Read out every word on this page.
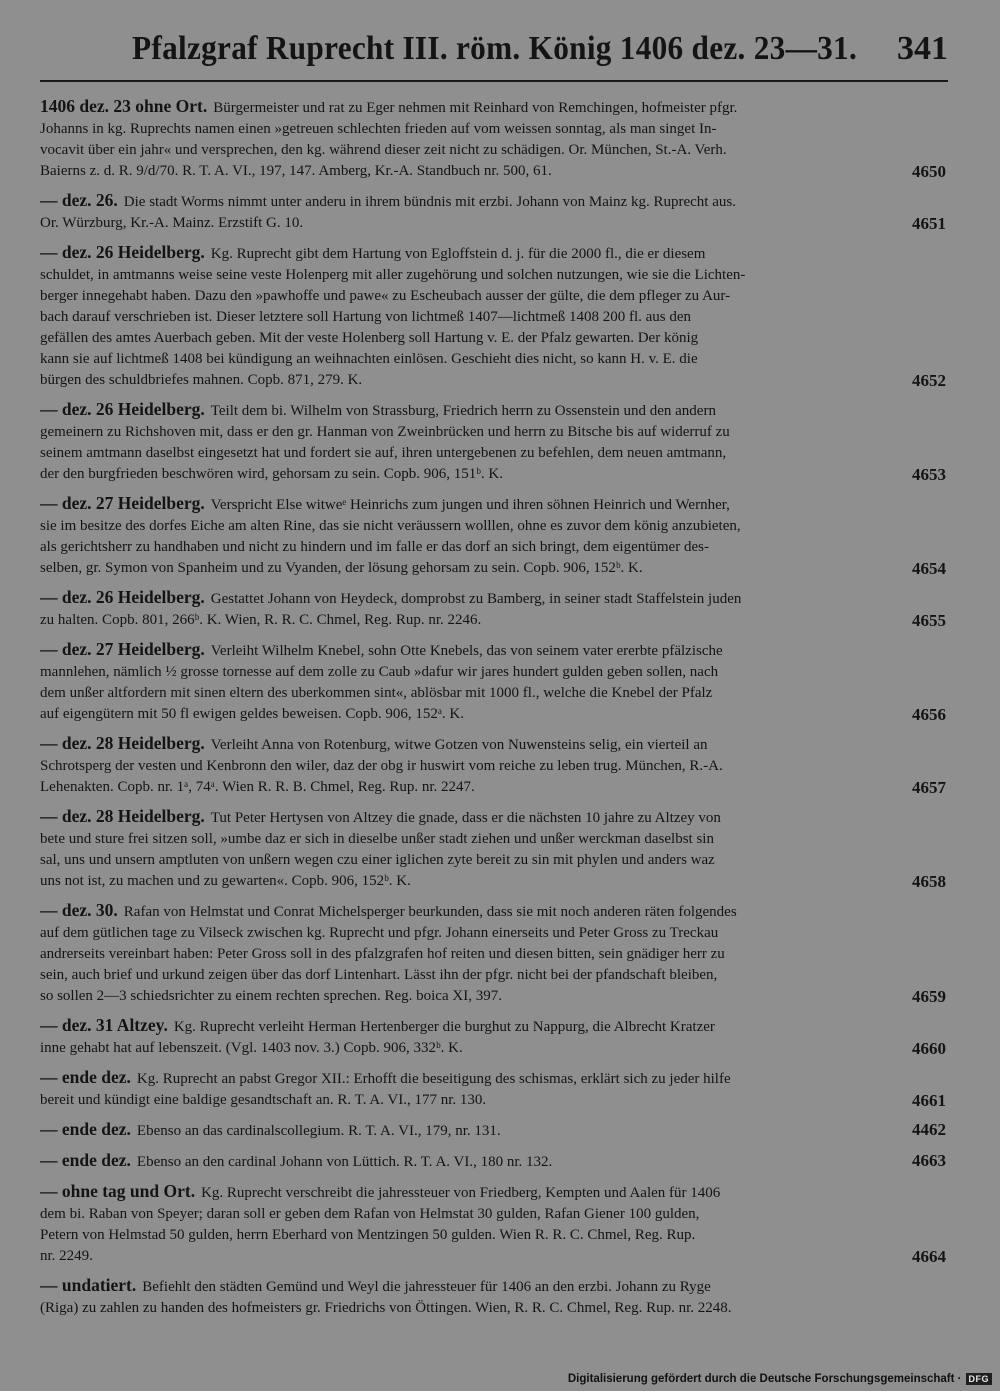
Pfalzgraf Ruprecht III. röm. König 1406 dez. 23—31. 341

1406 dez. 23 ohne Ort. Bürgermeister und rat zu Eger nehmen mit Reinhard von Remchingen, hofmeister pfgr.

Johanns in kg. Ruprechts namen einen »getreuen schlechten frieden auf vom weissen sonntag, als man singet In-

vocavit über ein jahr« und versprechen, den kg. während dieser zeit nicht zu schädigen. Or. München, St.-A. Verh.

Baierns z. d. R. 9/d/70. R. T. A. VI., 197, 147. Amberg, Kr.-A. Standbuch nr. 500, 61.	4650

— dez. 26. Die stadt Worms nimmt unter anderu in ihrem bündnis mit erzbi. Johann von Mainz kg. Ruprecht aus.

Or. Würzburg, Kr.-A. Mainz. Erzstift G. 10.	4651

— dez. 26 Heidelberg. Kg. Ruprecht gibt dem Hartung von Egloffstein d. j. für die 2000 fl., die er diesem

schuldet, in amtmanns weise seine veste Holenperg mit aller zugehörung und solchen nutzungen, wie sie die Lichten-

berger innegehabt haben. Dazu den »pawhoffe und pawe« zu Escheubach ausser der gülte, die dem pfleger zu Aur-

bach darauf verschrieben ist. Dieser letztere soll Hartung von lichtmeß 1407—lichtmeß 1408 200 fl. aus den

gefällen des amtes Auerbach geben. Mit der veste Holenberg soll Hartung v. E. der Pfalz gewarten. Der könig

kann sie auf lichtmeß 1408 bei kündigung an weihnachten einlösen. Geschieht dies nicht, so kann H. v. E. die

bürgen des schuldbriefes mahnen. Copb. 871, 279. K.	4652

— dez. 26 Heidelberg. Teilt dem bi. Wilhelm von Strassburg, Friedrich herrn zu Ossenstein und den andern

gemeinern zu Richshoven mit, dass er den gr. Hanman von Zweinbrücken und herrn zu Bitsche bis auf widerruf zu

seinem amtmann daselbst eingesetzt hat und fordert sie auf, ihren untergebenen zu befehlen, dem neuen amtmann,

der den burgfrieden beschwören wird, gehorsam zu sein. Copb. 906, 151ᵇ. K.	4653

— dez. 27 Heidelberg. Verspricht Else witweᵉ Heinrichs zum jungen und ihren söhnen Heinrich und Wernher,

sie im besitze des dorfes Eiche am alten Rine, das sie nicht veräussern wolllen, ohne es zuvor dem könig anzubieten,

als gerichtsherr zu handhaben und nicht zu hindern und im falle er das dorf an sich bringt, dem eigentümer des-

selben, gr. Symon von Spanheim und zu Vyanden, der lösung gehorsam zu sein. Copb. 906, 152ᵇ. K.	4654

— dez. 26 Heidelberg. Gestattet Johann von Heydeck, domprobst zu Bamberg, in seiner stadt Staffelstein juden

zu halten. Copb. 801, 266ᵇ. K. Wien, R. R. C. Chmel, Reg. Rup. nr. 2246.	4655

— dez. 27 Heidelberg. Verleiht Wilhelm Knebel, sohn Otte Knebels, das von seinem vater ererbte pfälzische

mannlehen, nämlich ½ grosse tornesse auf dem zolle zu Caub »dafur wir jares hundert gulden geben sollen, nach

dem unßer altfordern mit sinen eltern des uberkommen sint«, ablösbar mit 1000 fl., welche die Knebel der Pfalz

auf eigengütern mit 50 fl ewigen geldes beweisen. Copb. 906, 152ᵃ. K.	4656

— dez. 28 Heidelberg. Verleiht Anna von Rotenburg, witwe Gotzen von Nuwensteins selig, ein vierteil an

Schrotsperg der vesten und Kenbronn den wiler, daz der obg ir huswirt vom reiche zu leben trug. München, R.-A.

Lehenakten. Copb. nr. 1ᵃ, 74ᵃ. Wien R. R. B. Chmel, Reg. Rup. nr. 2247.	4657

— dez. 28 Heidelberg. Tut Peter Hertysen von Altzey die gnade, dass er die nächsten 10 jahre zu Altzey von

bete und sture frei sitzen soll, »umbe daz er sich in dieselbe unßer stadt ziehen und unßer werckman daselbst sin

sal, uns und unsern amptluten von unßern wegen czu einer iglichen zyte bereit zu sin mit phylen und anders waz

uns not ist, zu machen und zu gewarten«. Copb. 906, 152ᵇ. K.	4658

— dez. 30. Rafan von Helmstat und Conrat Michelsperger beurkunden, dass sie mit noch anderen räten folgendes

auf dem gütlichen tage zu Vilseck zwischen kg. Ruprecht und pfgr. Johann einerseits und Peter Gross zu Treckau

andrerseits vereinbart haben: Peter Gross soll in des pfalzgrafen hof reiten und diesen bitten, sein gnädiger herr zu

sein, auch brief und urkund zeigen über das dorf Lintenhart. Lässt ihn der pfgr. nicht bei der pfandschaft bleiben,

so sollen 2—3 schiedsrichter zu einem rechten sprechen. Reg. boica XI, 397.	4659

— dez. 31 Altzey. Kg. Ruprecht verleiht Herman Hertenberger die burghut zu Nappurg, die Albrecht Kratzer

inne gehabt hat auf lebenszeit. (Vgl. 1403 nov. 3.) Copb. 906, 332ᵇ. K.	4660

— ende dez. Kg. Ruprecht an pabst Gregor XII.: Erhofft die beseitigung des schismas, erklärt sich zu jeder hilfe

bereit und kündigt eine baldige gesandtschaft an. R. T. A. VI., 177 nr. 130.	4661

— ende dez. Ebenso an das cardinalscollegium. R. T. A. VI., 179, nr. 131.	4462

— ende dez. Ebenso an den cardinal Johann von Lüttich. R. T. A. VI., 180 nr. 132.	4663

— ohne tag und Ort. Kg. Ruprecht verschreibt die jahressteuer von Friedberg, Kempten und Aalen für 1406

dem bi. Raban von Speyer; daran soll er geben dem Rafan von Helmstat 30 gulden, Rafan Giener 100 gulden,

Petern von Helmstad 50 gulden, herrn Eberhard von Mentzingen 50 gulden. Wien R. R. C. Chmel, Reg. Rup.

nr. 2249.	4664

— undatiert. Befiehlt den städten Gemünd und Weyl die jahressteuer für 1406 an den erzbi. Johann zu Ryge

(Riga) zu zahlen zu handen des hofmeisters gr. Friedrichs von Öttingen. Wien, R. R. C. Chmel, Reg. Rup. nr. 2248.

Digitalisierung gefördert durch die Deutsche Forschungsgemeinschaft · DFG
